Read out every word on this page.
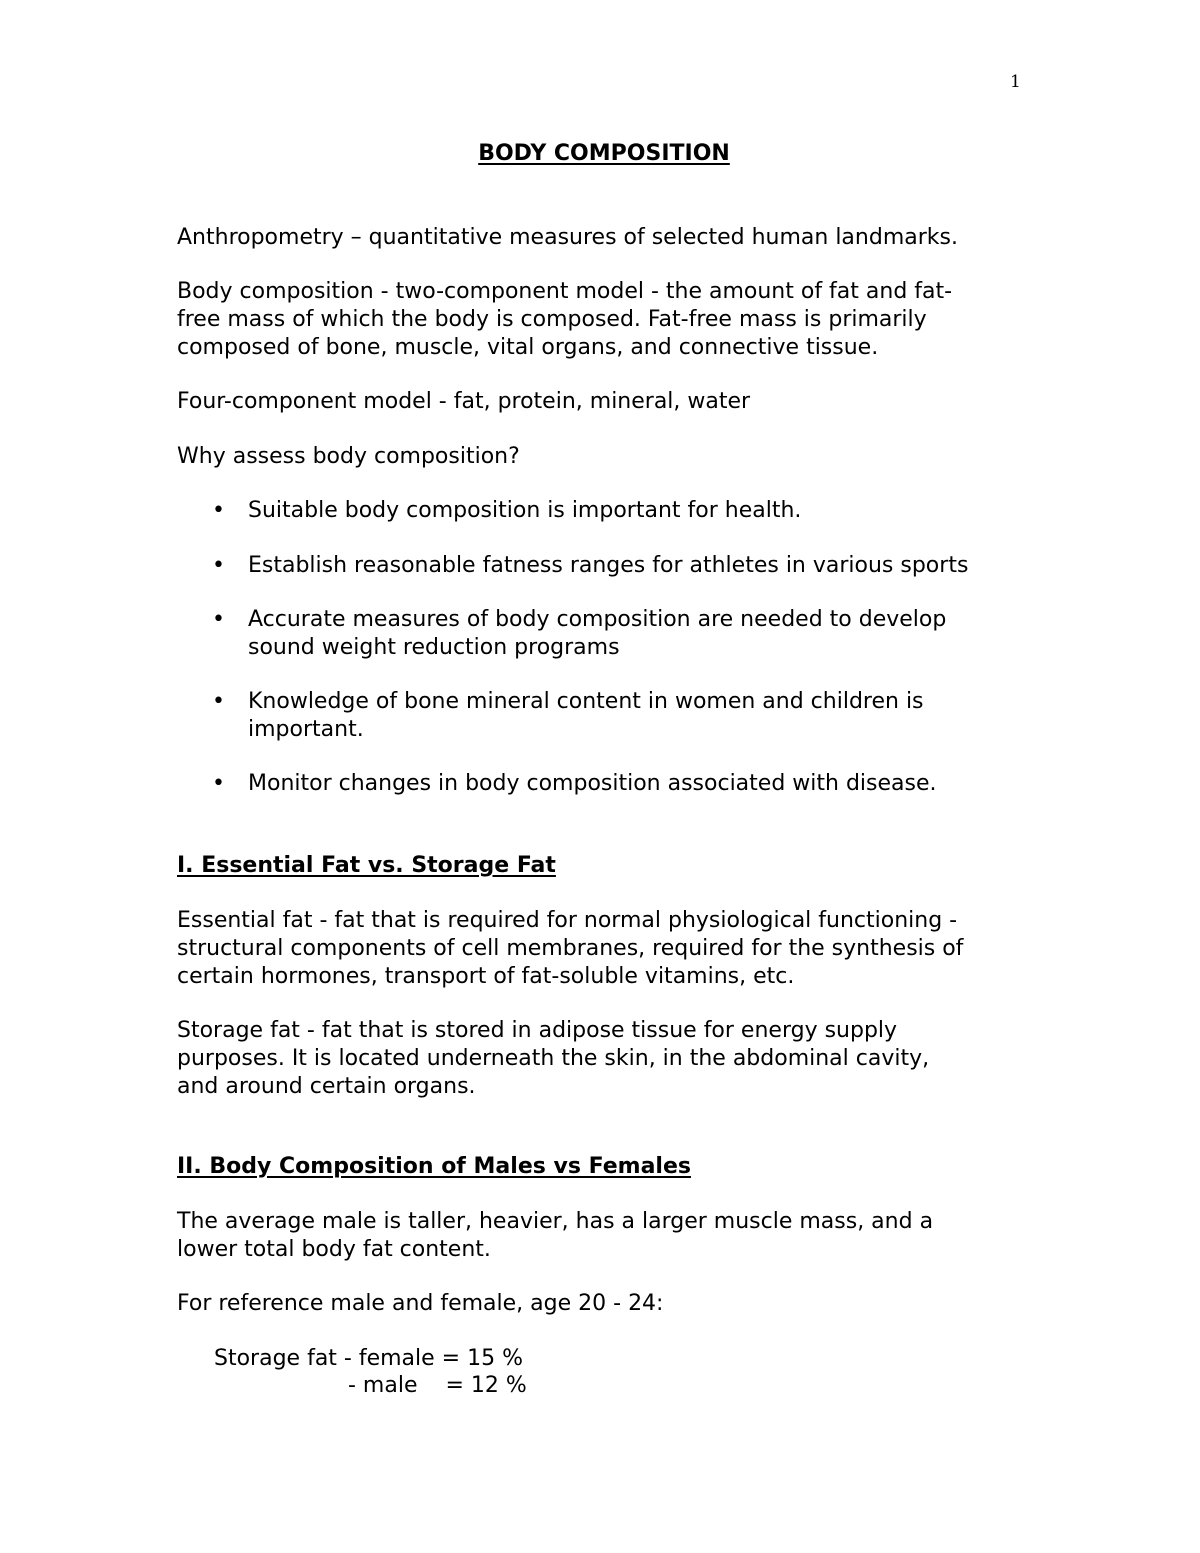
1
BODY COMPOSITION

Anthropometry – quantitative measures of selected human landmarks.

Body composition - two-component model - the amount of fat and fat-
free mass of which the body is composed. Fat-free mass is primarily
composed of bone, muscle, vital organs, and connective tissue.

Four-component model - fat, protein, mineral, water

Why assess body composition?

• Suitable body composition is important for health.
• Establish reasonable fatness ranges for athletes in various sports
• Accurate measures of body composition are needed to develop
sound weight reduction programs
• Knowledge of bone mineral content in women and children is
important.
• Monitor changes in body composition associated with disease.
I. Essential Fat vs. Storage Fat

Essential fat - fat that is required for normal physiological functioning -
structural components of cell membranes, required for the synthesis of
certain hormones, transport of fat-soluble vitamins, etc.

Storage fat - fat that is stored in adipose tissue for energy supply
purposes. It is located underneath the skin, in the abdominal cavity,
and around certain organs.

II. Body Composition of Males vs Females

The average male is taller, heavier, has a larger muscle mass, and a
lower total body fat content.

For reference male and female, age 20 - 24:

Storage fat - female = 15 %
- male    = 12 %
